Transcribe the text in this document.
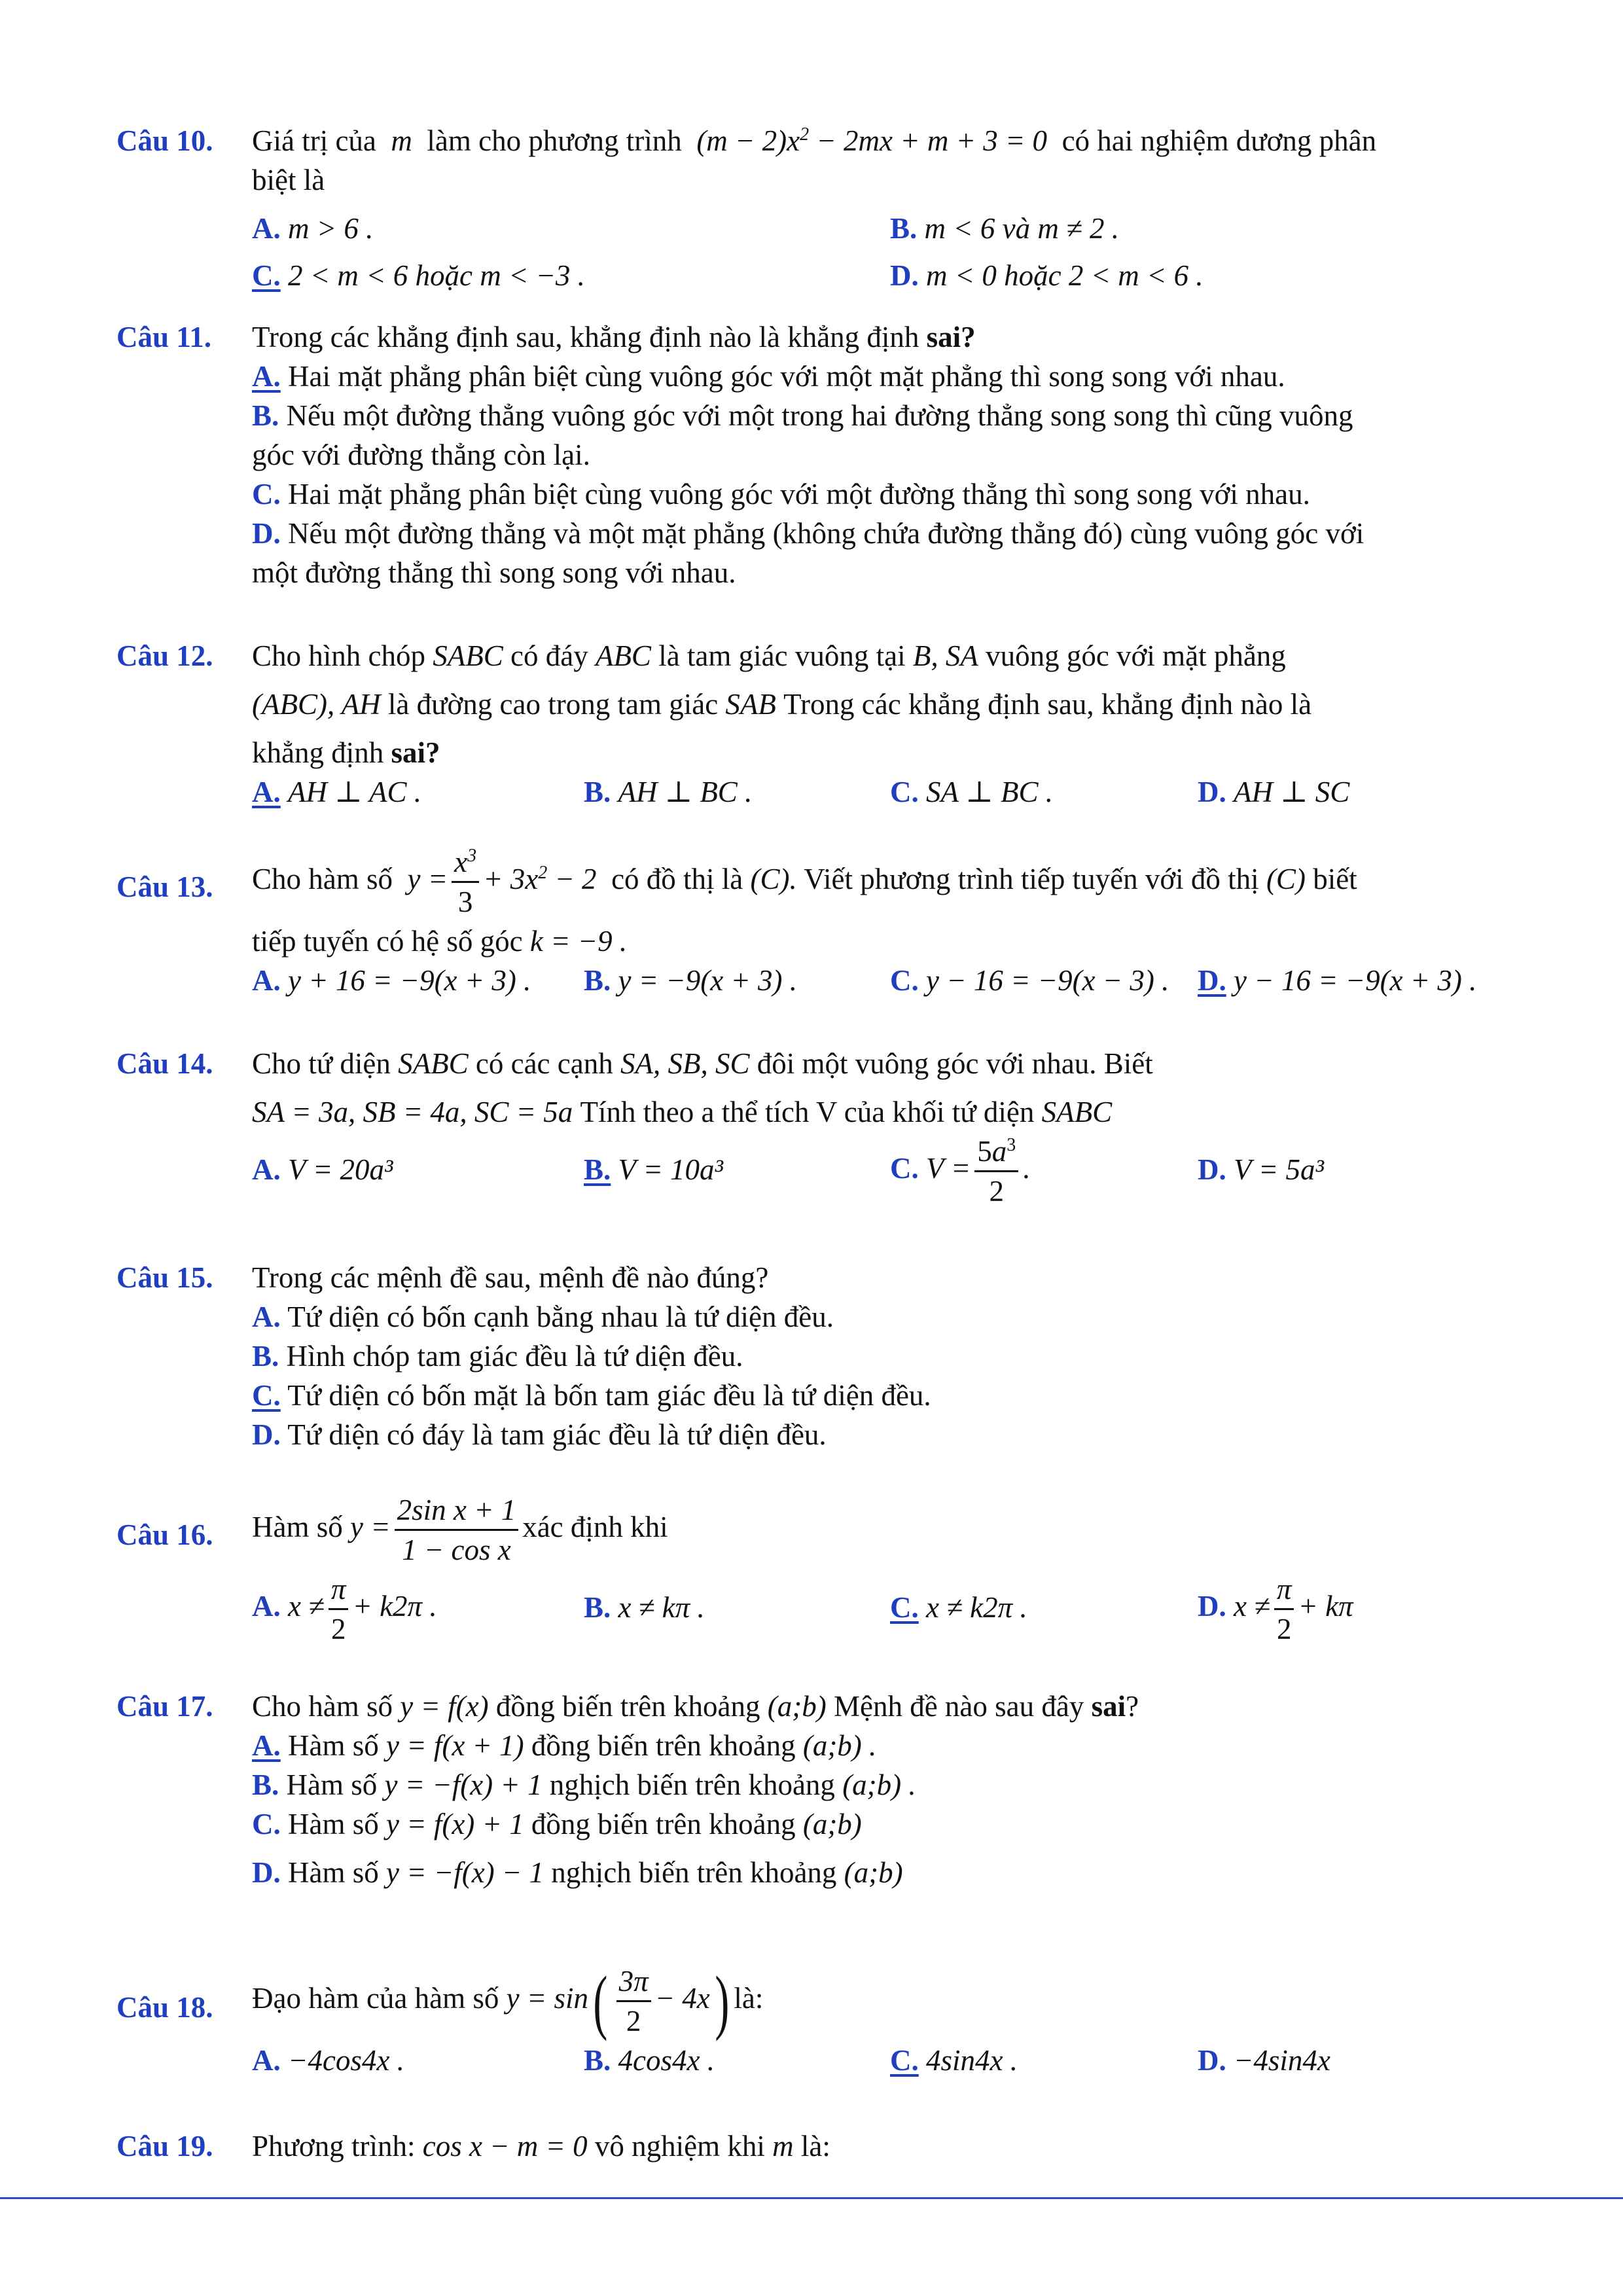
Câu 10. Giá trị của  m  làm cho phương trình  $(m - 2)x^2 - 2mx + m + 3 = 0$  có hai nghiệm dương phân
biệt là
A. m > 6 .	B. m < 6 và m ≠ 2 .
C. 2 < m < 6 hoặc m < −3 .	D. m < 0 hoặc 2 < m < 6 .
Câu 11. Trong các khẳng định sau, khẳng định nào là khẳng định sai?
A. Hai mặt phẳng phân biệt cùng vuông góc với một mặt phẳng thì song song với nhau.
B. Nếu một đường thẳng vuông góc với một trong hai đường thẳng song song thì cũng vuông
góc với đường thẳng còn lại.
C. Hai mặt phẳng phân biệt cùng vuông góc với một đường thẳng thì song song với nhau.
D. Nếu một đường thẳng và một mặt phẳng (không chứa đường thẳng đó) cùng vuông góc với
một đường thẳng thì song song với nhau.
Câu 12. Cho hình chóp SABC có đáy ABC là tam giác vuông tại B, SA vuông góc với mặt phẳng
(ABC), AH là đường cao trong tam giác SAB Trong các khẳng định sau, khẳng định nào là
khẳng định sai?
A. AH ⊥ AC .	B. AH ⊥ BC .	C. SA ⊥ BC .	D. AH ⊥ SC
Câu 13. Cho hàm số  $y = \frac{x^3}{3} + 3x^2 - 2$  có đồ thị là (C). Viết phương trình tiếp tuyến với đồ thị (C) biết
tiếp tuyến có hệ số góc k = −9 .
A. y + 16 = −9(x + 3) . B. y = −9(x + 3) .	C. y − 16 = −9(x − 3) . D. y − 16 = −9(x + 3) .
Câu 14. Cho tứ diện SABC có các cạnh SA, SB, SC đôi một vuông góc với nhau. Biết
SA = 3a, SB = 4a, SC = 5a Tính theo a thể tích V của khối tứ diện SABC
A. V = 20a³	B. V = 10a³	C. $V = \frac{5a^3}{2}$ .	D. V = 5a³
Câu 15. Trong các mệnh đề sau, mệnh đề nào đúng?
A. Tứ diện có bốn cạnh bằng nhau là tứ diện đều.
B. Hình chóp tam giác đều là tứ diện đều.
C. Tứ diện có bốn mặt là bốn tam giác đều là tứ diện đều.
D. Tứ diện có đáy là tam giác đều là tứ diện đều.
Câu 16. Hàm số $y = \frac{\text{2sin x + 1}}{\text{1 − cos x}}$ xác định khi
A. $x \ne \frac{\pi}{2} + k2\pi$ .	B. x ≠ kπ .	C. x ≠ k2π .	D. $x \ne \frac{\pi}{2} + k\pi$
Câu 17. Cho hàm số y = f(x) đồng biến trên khoảng (a;b) Mệnh đề nào sau đây sai?
A. Hàm số y = f(x + 1) đồng biến trên khoảng (a;b) .
B. Hàm số y = −f(x) + 1 nghịch biến trên khoảng (a;b) .
C. Hàm số y = f(x) + 1 đồng biến trên khoảng (a;b)
D. Hàm số y = −f(x) − 1 nghịch biến trên khoảng (a;b)
Câu 18. Đạo hàm của hàm số $y = \sin( \frac{3\pi}{2} - 4x)$ là:
A. −4cos4x .	B. 4cos4x .	C. 4sin4x .	D. −4sin4x
Câu 19. Phương trình: cos x − m = 0 vô nghiệm khi m là:
